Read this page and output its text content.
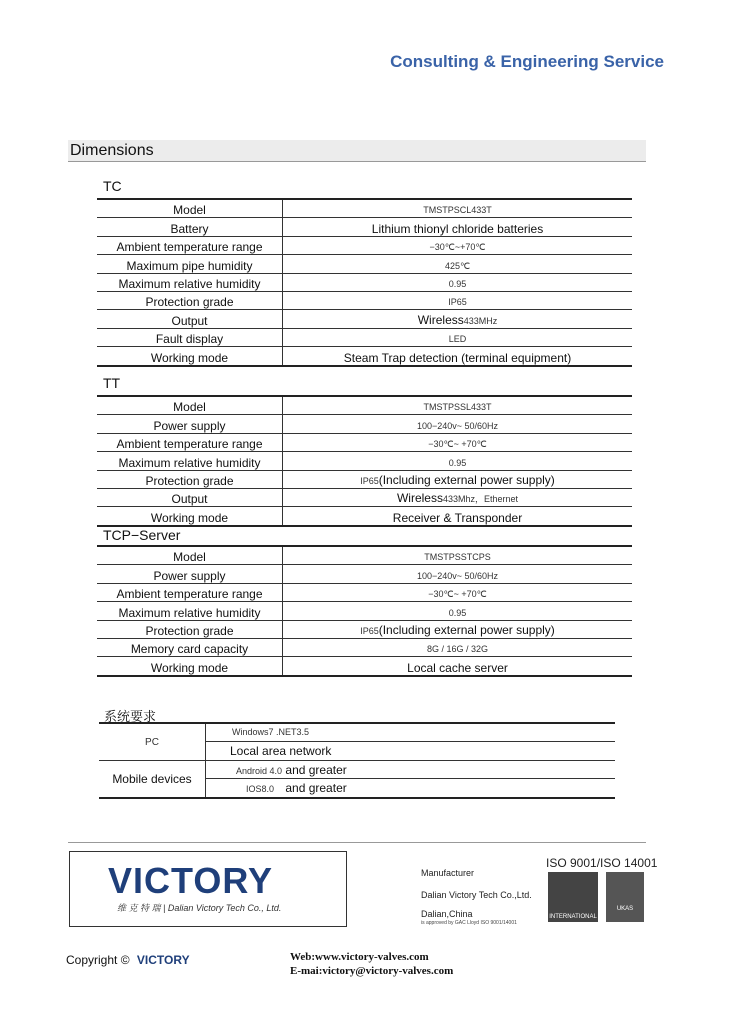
Consulting & Engineering Service
Dimensions
TC
Model	TMSTPSCL433T
Battery	Lithium thionyl chloride batteries
Ambient temperature range	−30℃~+70℃
Maximum pipe humidity	425℃
Maximum relative humidity	0.95
Protection grade	IP65
Output	Wireless433MHz
Fault display	LED
Working mode	Steam Trap detection (terminal equipment)
TT
Model	TMSTPSSL433T
Power supply	100−240v~ 50/60Hz
Ambient temperature range	−30℃~ +70℃
Maximum relative humidity	0.95
Protection grade	IP65(Including external power supply)
Output	Wireless433Mhz，Ethernet
Working mode	Receiver & Transponder
TCP−Server
Model	TMSTPSSTCPS
Power supply	100−240v~ 50/60Hz
Ambient temperature range	−30℃~ +70℃
Maximum relative humidity	0.95
Protection grade	IP65(Including external power supply)
Memory card capacity	8G / 16G / 32G
Working mode	Local cache server
系统要求
PC	Windows7 .NET3.5
	Local area network
Mobile devices	Android 4.0 and greater
	IOS8.0 and greater
VICTORY
维 克 特 瑞 | Dalian Victory Tech Co., Ltd.
Manufacturer
Dalian Victory Tech Co.,Ltd.
Dalian,China
is approved by GAC Lloyd ISO 9001/14001
ISO 9001/ISO 14001
INTERNATIONAL
UKAS
Copyright © VICTORY	Web:www.victory-valves.com
E-mai:victory@victory-valves.com
